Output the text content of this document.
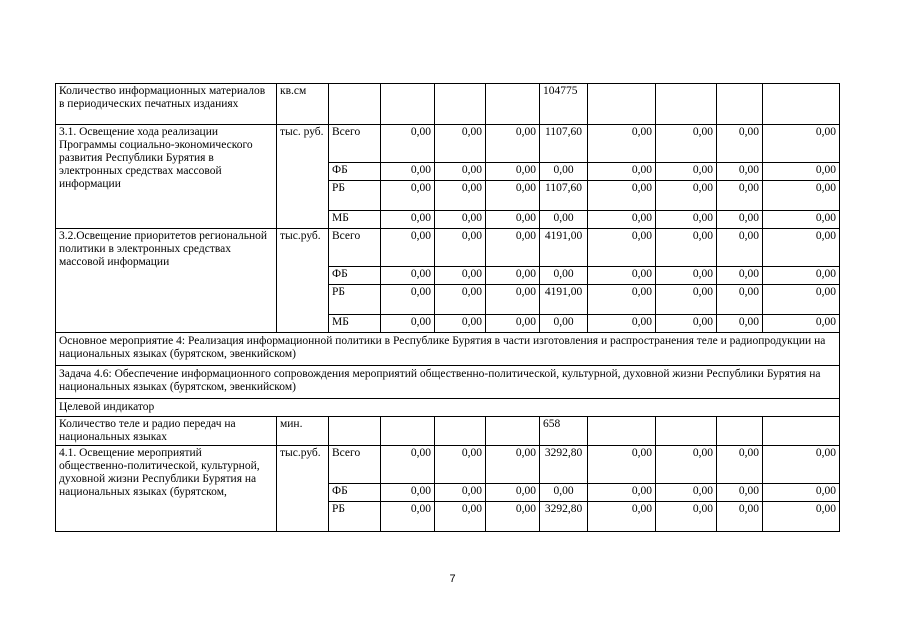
Количество информационных материалов в периодических печатных изданиях	кв.см					104775				
3.1. Освещение хода реализации Программы социально-экономического развития Республики Бурятия в электронных средствах массовой информации	тыс. руб.	Всего	0,00	0,00	0,00	1107,60	0,00	0,00	0,00	0,00
		ФБ	0,00	0,00	0,00	0,00	0,00	0,00	0,00	0,00
		РБ	0,00	0,00	0,00	1107,60	0,00	0,00	0,00	0,00
		МБ	0,00	0,00	0,00	0,00	0,00	0,00	0,00	0,00
3.2.Освещение приоритетов региональной политики в электронных средствах массовой информации	тыс.руб.	Всего	0,00	0,00	0,00	4191,00	0,00	0,00	0,00	0,00
		ФБ	0,00	0,00	0,00	0,00	0,00	0,00	0,00	0,00
		РБ	0,00	0,00	0,00	4191,00	0,00	0,00	0,00	0,00
		МБ	0,00	0,00	0,00	0,00	0,00	0,00	0,00	0,00
Основное мероприятие 4: Реализация информационной политики в Республике Бурятия в части изготовления и распространения теле и радиопродукции на национальных языках (бурятском, эвенкийском)										
Задача 4.6: Обеспечение информационного сопровождения мероприятий общественно-политической, культурной, духовной жизни Республики Бурятия на национальных языках (бурятском, эвенкийском)										
Целевой индикатор										
Количество теле и радио передач на национальных языках	мин.					658				
4.1. Освещение мероприятий общественно-политической, культурной, духовной жизни Республики Бурятия на национальных языках (бурятском,	тыс.руб.	Всего	0,00	0,00	0,00	3292,80	0,00	0,00	0,00	0,00
		ФБ	0,00	0,00	0,00	0,00	0,00	0,00	0,00	0,00
		РБ	0,00	0,00	0,00	3292,80	0,00	0,00	0,00	0,00
7
